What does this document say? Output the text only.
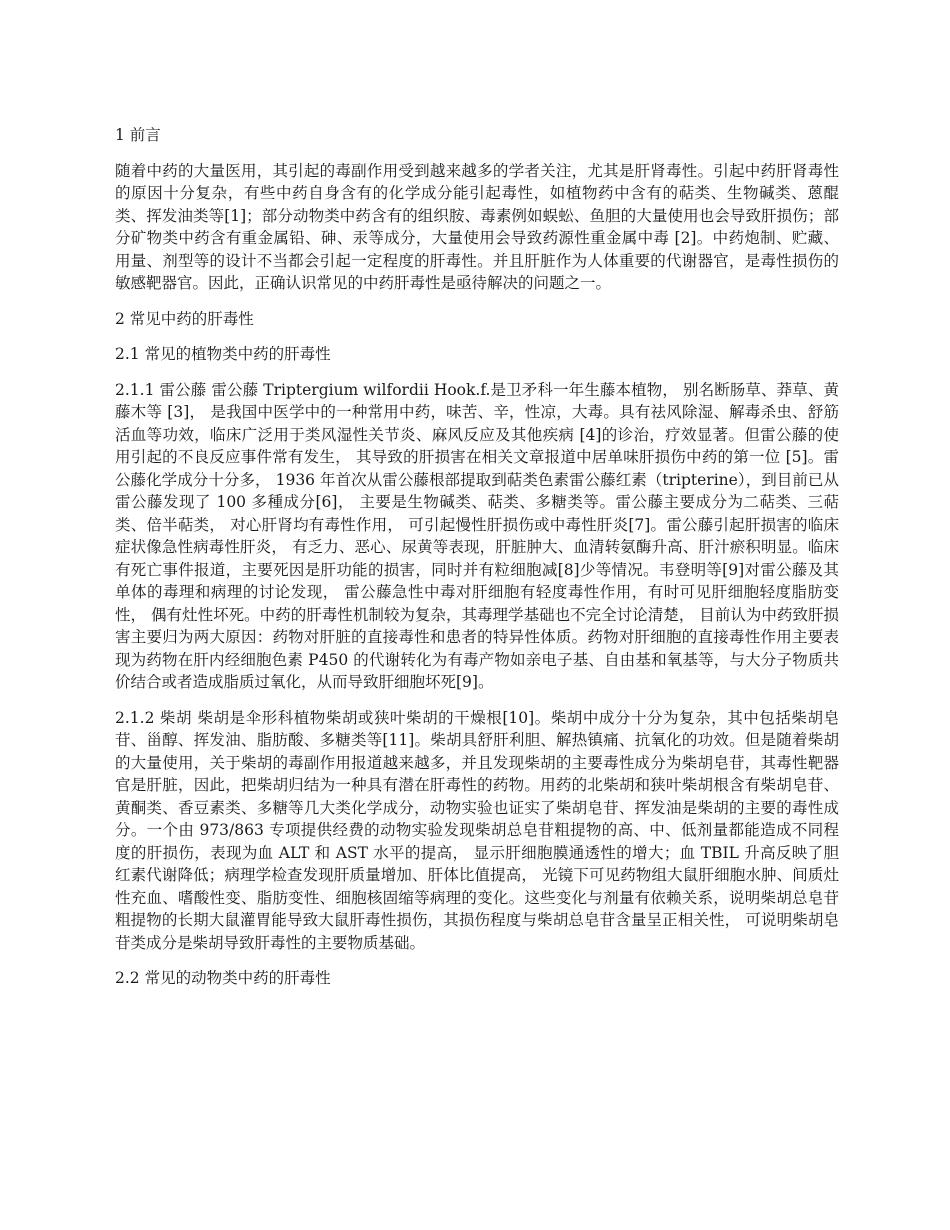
1 前言

随着中药的大量医用，其引起的毒副作用受到越来越多的学者关注，尤其是肝肾毒性。引起中药肝肾毒性的原因十分复杂，有些中药自身含有的化学成分能引起毒性，如植物药中含有的萜类、生物碱类、蒽醌类、挥发油类等[1]；部分动物类中药含有的组织胺、毒素例如蜈蚣、鱼胆的大量使用也会导致肝损伤；部分矿物类中药含有重金属铅、砷、汞等成分，大量使用会导致药源性重金属中毒 [2]。中药炮制、贮藏、用量、剂型等的设计不当都会引起一定程度的肝毒性。并且肝脏作为人体重要的代谢器官，是毒性损伤的敏感靶器官。因此，正确认识常见的中药肝毒性是亟待解决的问题之一。

2 常见中药的肝毒性

2.1 常见的植物类中药的肝毒性

2.1.1 雷公藤 雷公藤 Triptergium wilfordii Hook.f.是卫矛科一年生藤本植物， 别名断肠草、莽草、黄藤木等 [3]， 是我国中医学中的一种常用中药，味苦、辛，性凉，大毒。具有祛风除湿、解毒杀虫、舒筋活血等功效，临床广泛用于类风湿性关节炎、麻风反应及其他疾病 [4]的诊治，疗效显著。但雷公藤的使用引起的不良反应事件常有发生， 其导致的肝损害在相关文章报道中居单味肝损伤中药的第一位 [5]。雷公藤化学成分十分多， 1936 年首次从雷公藤根部提取到萜类色素雷公藤红素（tripterine），到目前已从雷公藤发现了 100 多種成分[6]， 主要是生物碱类、萜类、多糖类等。雷公藤主要成分为二萜类、三萜类、倍半萜类， 对心肝肾均有毒性作用， 可引起慢性肝损伤或中毒性肝炎[7]。雷公藤引起肝损害的临床症状像急性病毒性肝炎， 有乏力、恶心、尿黄等表现，肝脏肿大、血清转氨酶升高、肝汁瘀积明显。临床有死亡事件报道，主要死因是肝功能的损害，同时并有粒细胞减[8]少等情况。韦登明等[9]对雷公藤及其单体的毒理和病理的讨论发现， 雷公藤急性中毒对肝细胞有轻度毒性作用，有时可见肝细胞轻度脂肪变性， 偶有灶性坏死。中药的肝毒性机制较为复杂，其毒理学基础也不完全讨论清楚， 目前认为中药致肝损害主要归为两大原因：药物对肝脏的直接毒性和患者的特异性体质。药物对肝细胞的直接毒性作用主要表现为药物在肝内经细胞色素 P450 的代谢转化为有毒产物如亲电子基、自由基和氧基等，与大分子物质共价结合或者造成脂质过氧化，从而导致肝细胞坏死[9]。

2.1.2 柴胡 柴胡是伞形科植物柴胡或狭叶柴胡的干燥根[10]。柴胡中成分十分为复杂，其中包括柴胡皂苷、甾醇、挥发油、脂肪酸、多糖类等[11]。柴胡具舒肝利胆、解热镇痛、抗氧化的功效。但是随着柴胡的大量使用，关于柴胡的毒副作用报道越来越多，并且发现柴胡的主要毒性成分为柴胡皂苷，其毒性靶器官是肝脏，因此，把柴胡归结为一种具有潜在肝毒性的药物。用药的北柴胡和狭叶柴胡根含有柴胡皂苷、黄酮类、香豆素类、多糖等几大类化学成分，动物实验也证实了柴胡皂苷、挥发油是柴胡的主要的毒性成分。一个由 973/863 专项提供经费的动物实验发现柴胡总皂苷粗提物的高、中、低剂量都能造成不同程度的肝损伤，表现为血 ALT 和 AST 水平的提高， 显示肝细胞膜通透性的增大；血 TBIL 升高反映了胆红素代谢降低；病理学检查发现肝质量增加、肝体比值提高， 光镜下可见药物组大鼠肝细胞水肿、间质灶性充血、嗜酸性变、脂肪变性、细胞核固缩等病理的变化。这些变化与剂量有依赖关系，说明柴胡总皂苷粗提物的长期大鼠灌胃能导致大鼠肝毒性损伤，其损伤程度与柴胡总皂苷含量呈正相关性， 可说明柴胡皂苷类成分是柴胡导致肝毒性的主要物质基础。

2.2 常见的动物类中药的肝毒性
